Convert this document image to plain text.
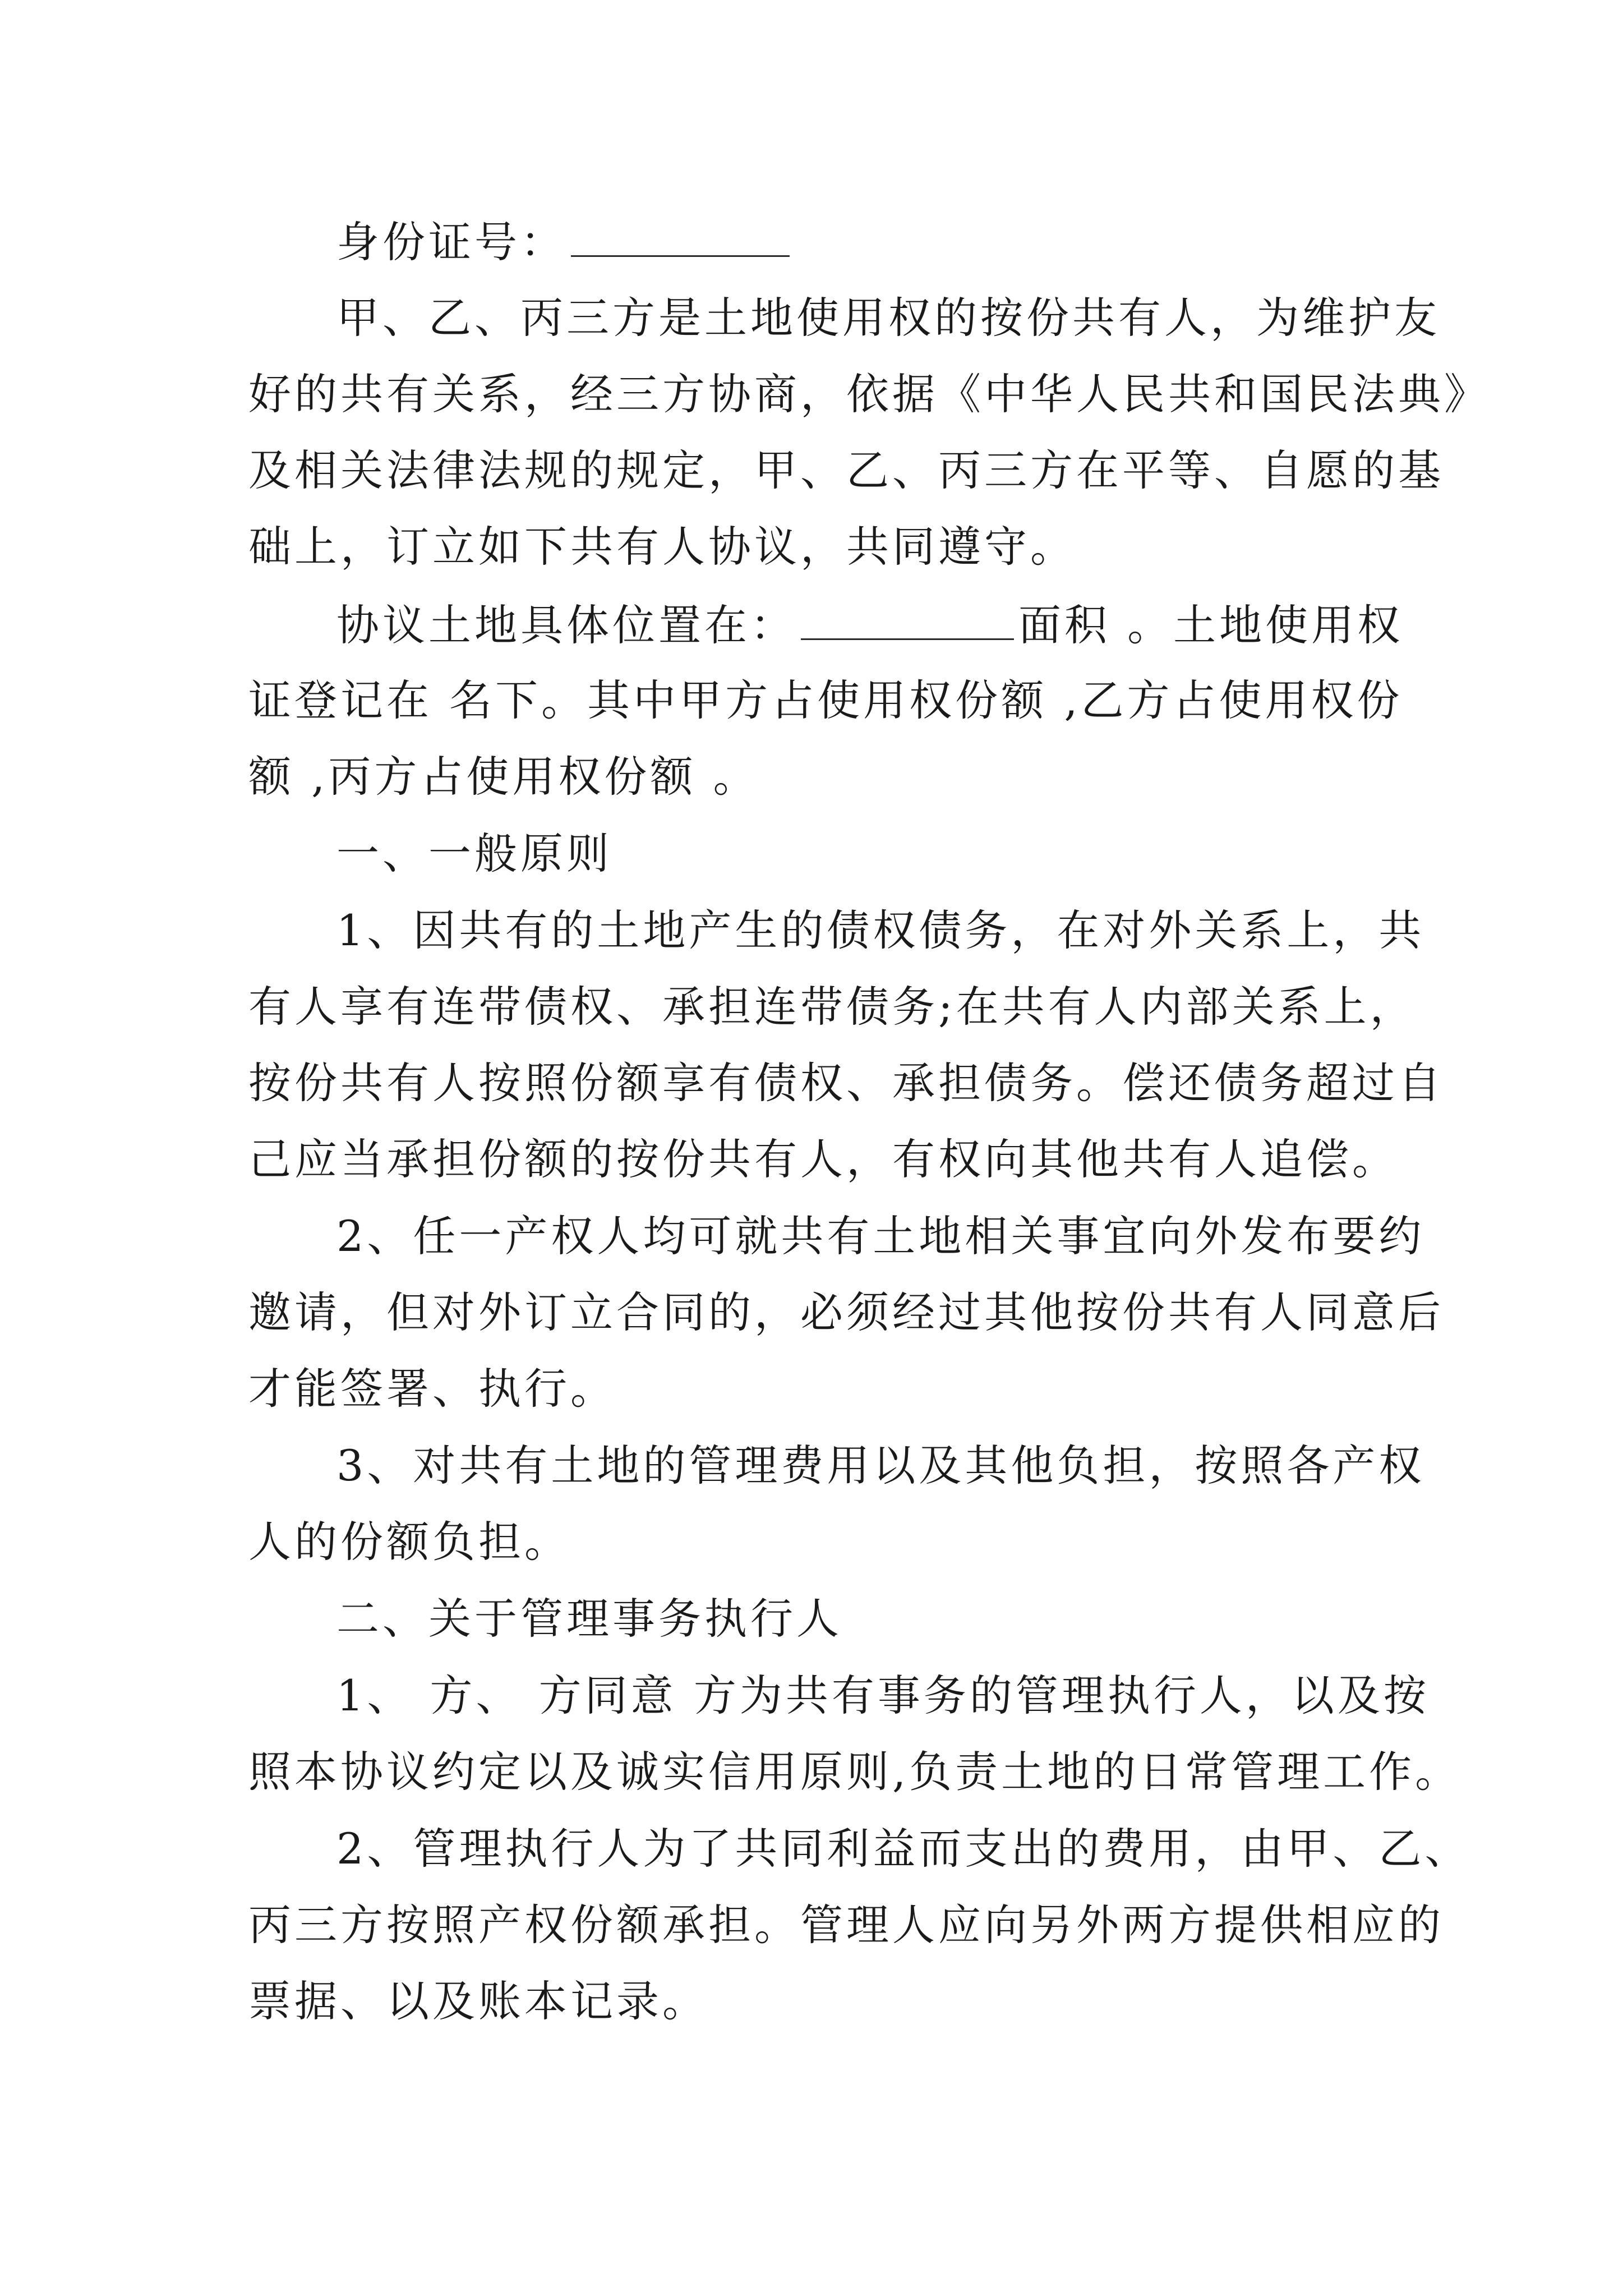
身份证号：
甲、乙、丙三方是土地使用权的按份共有人，为维护友
好的共有关系，经三方协商，依据《中华人民共和国民法典》
及相关法律法规的规定，甲、乙、丙三方在平等、自愿的基
础上，订立如下共有人协议，共同遵守。
协议土地具体位置在：	面积 。土地使用权
证登记在 名下。其中甲方占使用权份额 ,乙方占使用权份
额 ,丙方占使用权份额 。
一、一般原则
1、因共有的土地产生的债权债务，在对外关系上，共
有人享有连带债权、承担连带债务;在共有人内部关系上，
按份共有人按照份额享有债权、承担债务。偿还债务超过自
己应当承担份额的按份共有人，有权向其他共有人追偿。
2、任一产权人均可就共有土地相关事宜向外发布要约
邀请，但对外订立合同的，必须经过其他按份共有人同意后
才能签署、执行。
3、对共有土地的管理费用以及其他负担，按照各产权
人的份额负担。
二、关于管理事务执行人
1、 方、 方同意 方为共有事务的管理执行人，以及按
照本协议约定以及诚实信用原则,负责土地的日常管理工作。
2、管理执行人为了共同利益而支出的费用，由甲、乙、
丙三方按照产权份额承担。管理人应向另外两方提供相应的
票据、以及账本记录。
